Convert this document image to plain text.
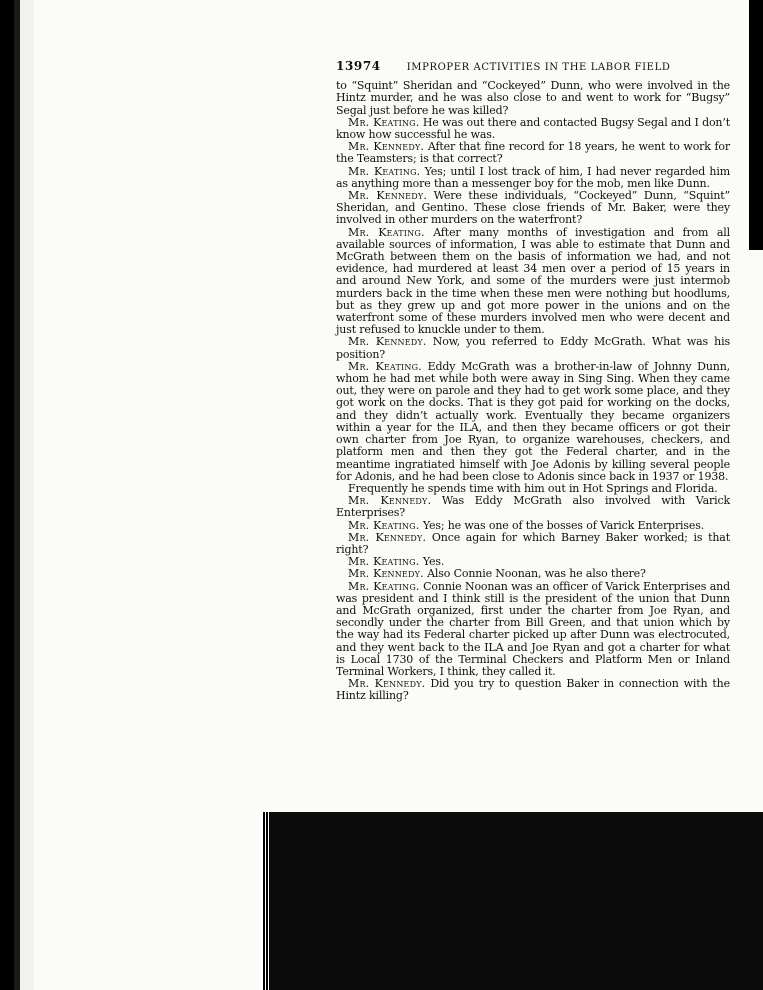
13974	IMPROPER ACTIVITIES IN THE LABOR FIELD

to “Squint” Sheridan and “Cockeyed” Dunn, who were involved in the Hintz murder, and he was also close to and went to work for “Bugsy” Segal just before he was killed?

Mr. Keating. He was out there and contacted Bugsy Segal and I don’t know how successful he was.

Mr. Kennedy. After that fine record for 18 years, he went to work for the Teamsters; is that correct?

Mr. Keating. Yes; until I lost track of him, I had never regarded him as anything more than a messenger boy for the mob, men like Dunn.

Mr. Kennedy. Were these individuals, “Cockeyed” Dunn, “Squint” Sheridan, and Gentino. These close friends of Mr. Baker, were they involved in other murders on the waterfront?

Mr. Keating. After many months of investigation and from all available sources of information, I was able to estimate that Dunn and McGrath between them on the basis of information we had, and not evidence, had murdered at least 34 men over a period of 15 years in and around New York, and some of the murders were just intermob murders back in the time when these men were nothing but hoodlums, but as they grew up and got more power in the unions and on the waterfront some of these murders involved men who were decent and just refused to knuckle under to them.

Mr. Kennedy. Now, you referred to Eddy McGrath. What was his position?

Mr. Keating. Eddy McGrath was a brother-in-law of Johnny Dunn, whom he had met while both were away in Sing Sing. When they came out, they were on parole and they had to get work some place, and they got work on the docks. That is they got paid for working on the docks, and they didn’t actually work. Eventually they became organizers within a year for the ILA, and then they became officers or got their own charter from Joe Ryan, to organize warehouses, checkers, and platform men and then they got the Federal charter, and in the meantime ingratiated himself with Joe Adonis by killing several people for Adonis, and he had been close to Adonis since back in 1937 or 1938.

Frequently he spends time with him out in Hot Springs and Florida.

Mr. Kennedy. Was Eddy McGrath also involved with Varick Enterprises?

Mr. Keating. Yes; he was one of the bosses of Varick Enterprises.

Mr. Kennedy. Once again for which Barney Baker worked; is that right?

Mr. Keating. Yes.

Mr. Kennedy. Also Connie Noonan, was he also there?

Mr. Keating. Connie Noonan was an officer of Varick Enterprises and was president and I think still is the president of the union that Dunn and McGrath organized, first under the charter from Joe Ryan, and secondly under the charter from Bill Green, and that union which by the way had its Federal charter picked up after Dunn was electrocuted, and they went back to the ILA and Joe Ryan and got a charter for what is Local 1730 of the Terminal Checkers and Platform Men or Inland Terminal Workers, I think, they called it.

Mr. Kennedy. Did you try to question Baker in connection with the Hintz killing?
